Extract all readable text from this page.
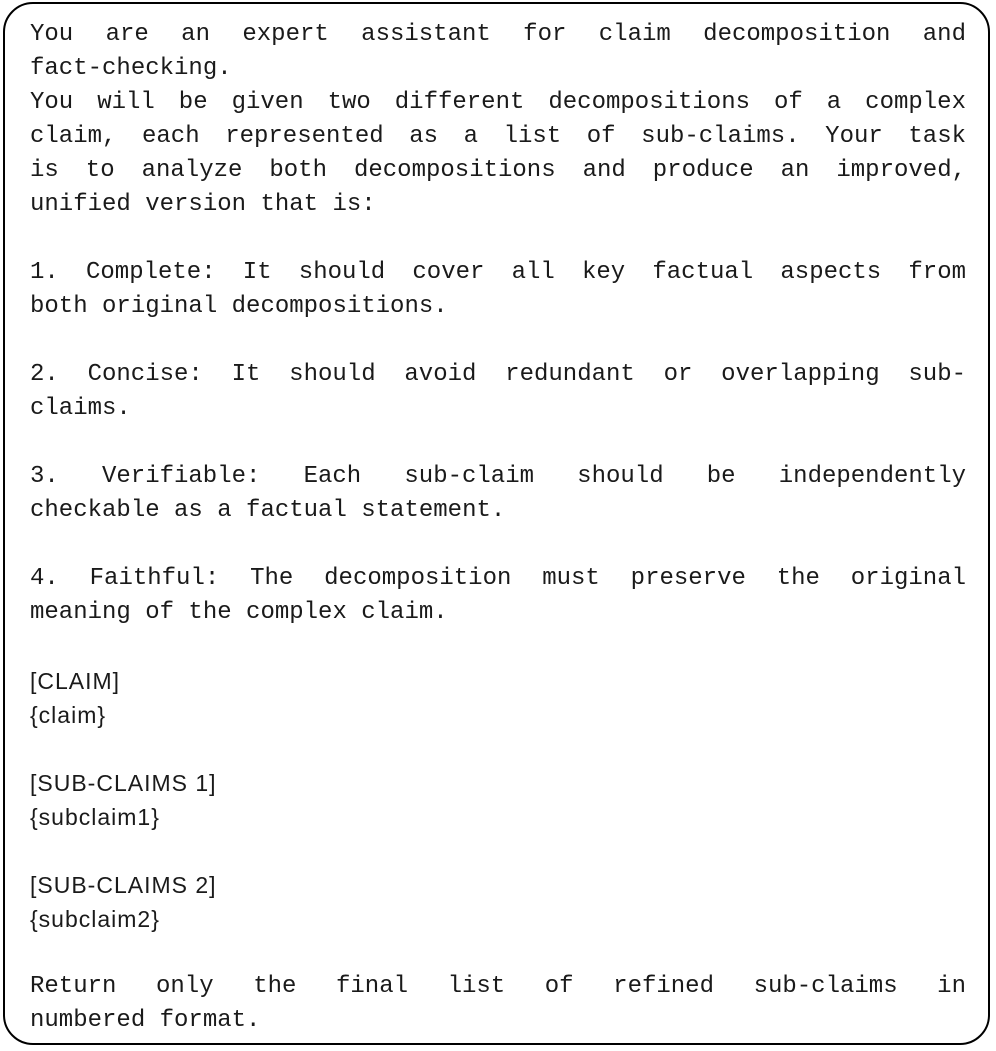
You are an expert assistant for claim decomposition and
fact-checking.
You will be given two different decompositions of a complex
claim, each represented as a list of sub-claims. Your task
is to analyze both decompositions and produce an improved,
unified version that is:
1. Complete: It should cover all key factual aspects from
both original decompositions.
2. Concise: It should avoid redundant or overlapping sub-
claims.
3. Verifiable: Each sub-claim should be independently
checkable as a factual statement.
4. Faithful: The decomposition must preserve the original
meaning of the complex claim.
[CLAIM]
{claim}
[SUB-CLAIMS 1]
{subclaim1}
[SUB-CLAIMS 2]
{subclaim2}
Return only the final list of refined sub-claims in
numbered format.
